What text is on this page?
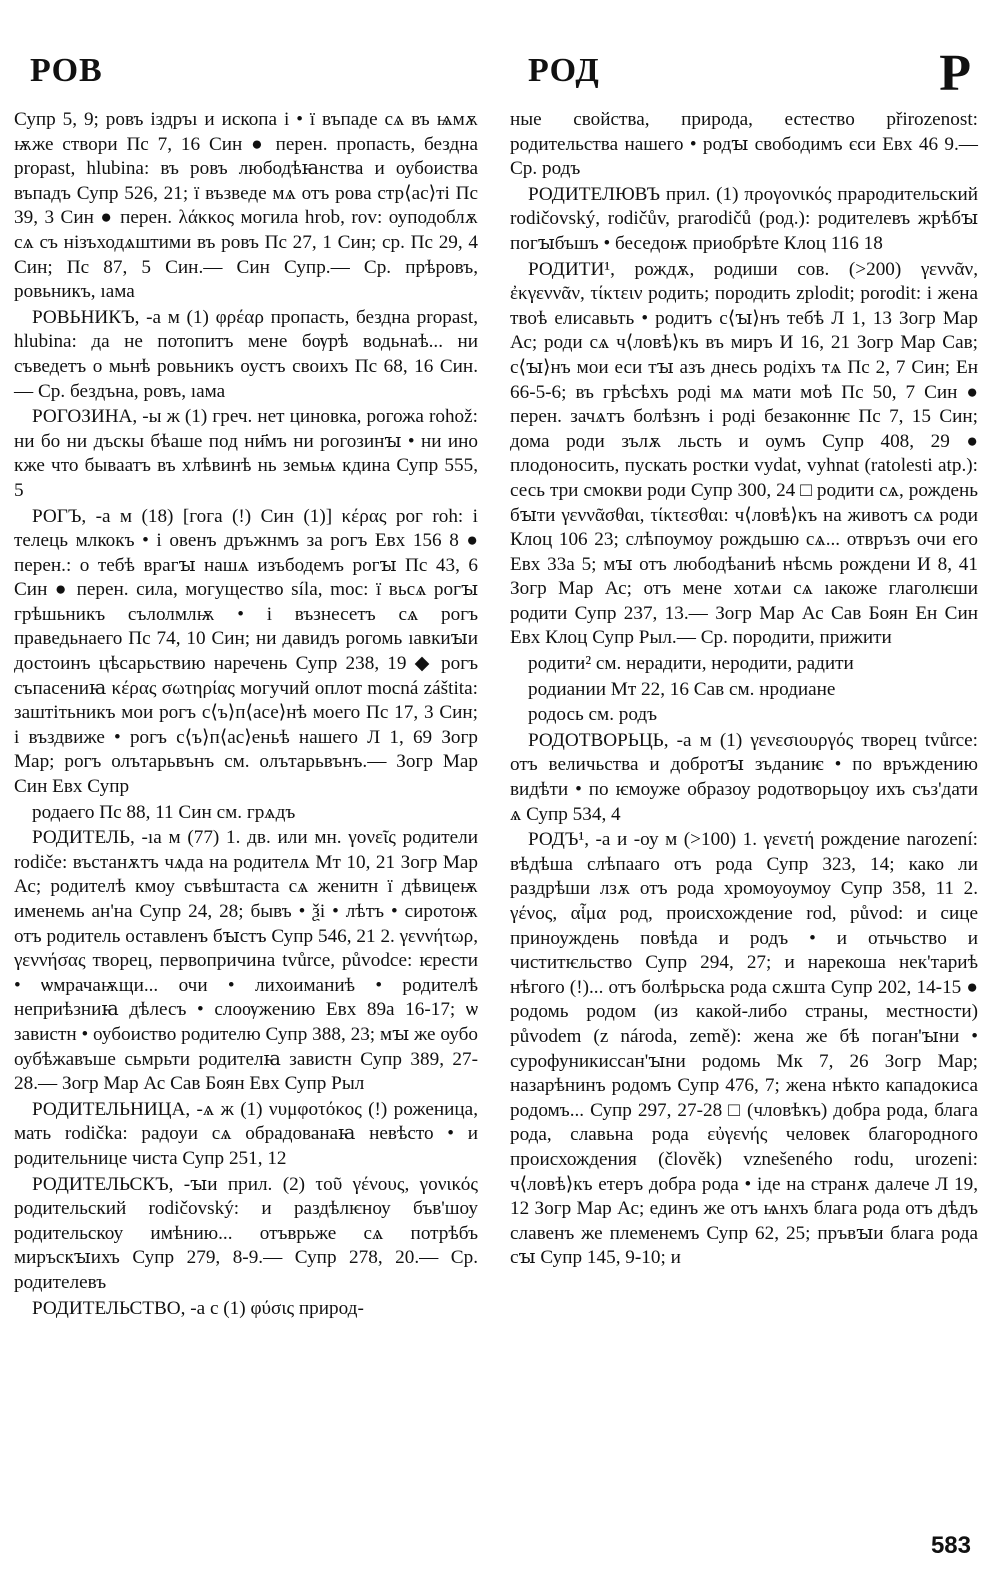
РОВ	РОД	Р

Супр 5, 9; ровъ іздръı и ископа і • ї въпаде сѧ въ ѩмѫ ѭже створи Пс 7, 16 Син ● перен. пропасть, бездна propast, hlubina: въ ровъ любодѣꙗнства и оубоиства въпадъ Супр 526, 21; ї възведе мѧ отъ рова стр⟨ас⟩ті Пс 39, 3 Син ● перен. λάκκος могила hrob, rov: оуподоблѫ сѧ съ нізъходѧштими въ ровъ Пс 27, 1 Син; ср. Пс 29, 4 Син; Пс 87, 5 Син.— Син Супр.— Ср. прѣровъ, ровьникъ, ıама

РОВЬНИКЪ, -а м (1) φρέαρ пропасть, бездна propast, hlubina: да не потопитъ мене бѹрѣ водьнаѣ... ни съведетъ о мьнѣ ровьникъ оустъ своихъ Пс 68, 16 Син.— Ср. бездъна, ровъ, ıама

РОГОЗИНА, -ы ж (1) греч. нет циновка, рогожа rohož: ни бо ни дъскы бѣаше под ни҃мъ ни рогозинꙑ • ни ино кже что бываатъ въ хлѣвинѣ нь земьѩ кдина Супр 555, 5

РОГЪ, -а м (18) [гога (!) Син (1)] κέρας рог roh: і телець млкокъ • і овенъ дръжнмъ за рогъ Евх 156 8 ● перен.: о тебѣ врагꙑ нашѧ изъбодемъ рогꙑ Пс 43, 6 Син ● перен. сила, могущество síla, moc: ї вьсѧ рогꙑ грѣшьникъ сълолмлѭ • і възнесетъ сѧ рогъ праведьнаего Пс 74, 10 Син; ни давидъ рогомь ıавкиꙑи достоинъ цѣсарьствию наречень Супр 238, 19 ◆ рогъ съпасениꙗ κέρας σωτηρίας могучий оплот mocná záštita: заштітьникъ мои рогъ с⟨ъ⟩п⟨асе⟩нѣ моего Пс 17, 3 Син; і въздвиже • рогъ с⟨ъ⟩п⟨ас⟩еньѣ нашего Л 1, 69 Зогр Мар; рогъ олътарьвънъ см. олътарьвънъ.— Зогр Мар Син Евх Супр

родаего Пс 88, 11 Син см. грѧдъ

РОДИТЕЛЬ, -ıа м (77) 1. дв. или мн. γονεῖς родители rodiče: въстанѫтъ чѧда на родителѧ Мт 10, 21 Зогр Мар Ас; родителѣ кмоу съвѣштаста сѧ женитн ї дѣвицеѭ именемь ан'на Супр 24, 28; бывъ • ѯі • лѣтъ • сиротоѭ отъ родитель оставленъ бꙑстъ Супр 546, 21 2. γεννήτωρ, γεννήσας творец, первопричина tvůrce, původce: ѥрести • ѡмрачаѭщи... очи • лихоиманиѣ • родителѣ неприѣзниꙗ дѣлесъ • слоѹжению Евх 89а 16-17; ѡ завистн • оубоиство родителю Супр 388, 23; мꙑ же оубо оубѣжавъше сьмрьти родителꙗ завистн Супр 389, 27-28.— Зогр Мар Ас Сав Боян Евх Супр Рыл

РОДИТЕЛЬНИЦА, -ѧ ж (1) νυμφοτόκος (!) роженица, мать rodička: радоуи сѧ обрадованаꙗ невѣсто • и родительнице чиста Супр 251, 12

РОДИТЕЛЬСКЪ, -ꙑи прил. (2) τοῦ γένους, γονικός родительский rodičovský: и раздѣлѥноу бъв'шоу родительскоу имѣнию... отъврьже сѧ потрѣбъ миръскꙑихъ Супр 279, 8-9.— Супр 278, 20.— Ср. родителевъ

РОДИТЕЛЬСТВО, -а с (1) φύσις природ-

ные свойства, природа, естество přirozenost: родительства нашего • родꙑ свободимъ єси Евх 46 9.— Ср. родъ

РОДИТЕЛЮВЪ прил. (1) προγονικός прародительский rodičovský, rodičův, prarodičů (род.): родителевъ жрѣбꙑ погꙑбъшъ • беседоѭ приобрѣте Клоц 116 18

РОДИТИ¹, рождѫ, родиши сов. (>200) γεννᾶν, ἐκγεννᾶν, τίκτειν родить; породить zplodit; porodit: і жена твоѣ елисавьть • родитъ с⟨ꙑ⟩нъ тебѣ Л 1, 13 Зогр Мар Ас; роди сѧ ч⟨ловѣ⟩къ въ миръ И 16, 21 Зогр Мар Сав; с⟨ꙑ⟩нъ мои еси тꙑ азъ днесь родіхъ тѧ Пс 2, 7 Син; Ен 66-5-6; въ грѣсѣхъ роді мѧ мати моѣ Пс 50, 7 Син ● перен. зачѧтъ болѣзнъ і роді безаконнѥ Пс 7, 15 Син; дома роди зълѫ льсть и оумъ Супр 408, 29 ● плодоносить, пускать ростки vydat, vyhnat (ratolesti atp.): сесь три смокви роди Супр 300, 24 □ родити сѧ, рождень бꙑти γεννᾶσθαι, τίκτεσθαι: ч⟨ловѣ⟩къ на животъ сѧ роди Клоц 106 23; слѣпоумоу рождьшю сѧ... отвръзъ очи его Евх 33а 5; мꙑ отъ любодѣаниѣ нѣсмь рождени И 8, 41 Зогр Мар Ас; отъ мене хотѧи сѧ ıакоже глаголѥши родити Супр 237, 13.— Зогр Мар Ас Сав Боян Ен Син Евх Клоц Супр Рыл.— Ср. породити, прижити

родити² см. нерадити, неродити, радити

родиании Мт 22, 16 Сав см. нродиане

родось см. родъ

РОДОТВОРЬЦЬ, -а м (1) γενεσιουργός творец tvůrce: отъ величьства и добротꙑ зъданиѥ • по връждению видѣти • по ѥмоуже образоу родотворьцоу ихъ съз'дати ѧ Супр 534, 4

РОДЪ¹, -а и -оу м (>100) 1. γενετή рождение narození: вѣдѣша слѣпааго отъ рода Супр 323, 14; како ли раздрѣши лзѫ отъ рода хромоуоумоу Супр 358, 11 2. γένος, αἷμα род, происхождение rod, původ: и сице приноуждень повѣда и родъ • и отьчьство и чиститѥльство Супр 294, 27; и нарекоша нек'тариѣ нѣгого (!)... отъ болѣрьска рода сѫшта Супр 202, 14-15 ● родомь родом (из какой-либо страны, местности) původem (z národa, země): жена же бѣ поган'ꙑни • сурофуникиссан'ꙑни родомь Мк 7, 26 Зогр Мар; назарѣнинъ родомъ Супр 476, 7; жена нѣкто кападокиса родомъ... Супр 297, 27-28 □ (чловѣкъ) добра рода, блага рода, славьна рода εὐγενής человек благородного происхождения (člověk) vznešeného rodu, urozeni: ч⟨ловѣ⟩къ етеръ добра рода • іде на странѫ далече Л 19, 12 Зогр Мар Ас; единъ же отъ ѩнхъ блага рода отъ дѣдъ славенъ же племенемъ Супр 62, 25; пръвꙑи блага рода сꙑ Супр 145, 9-10; и

583
